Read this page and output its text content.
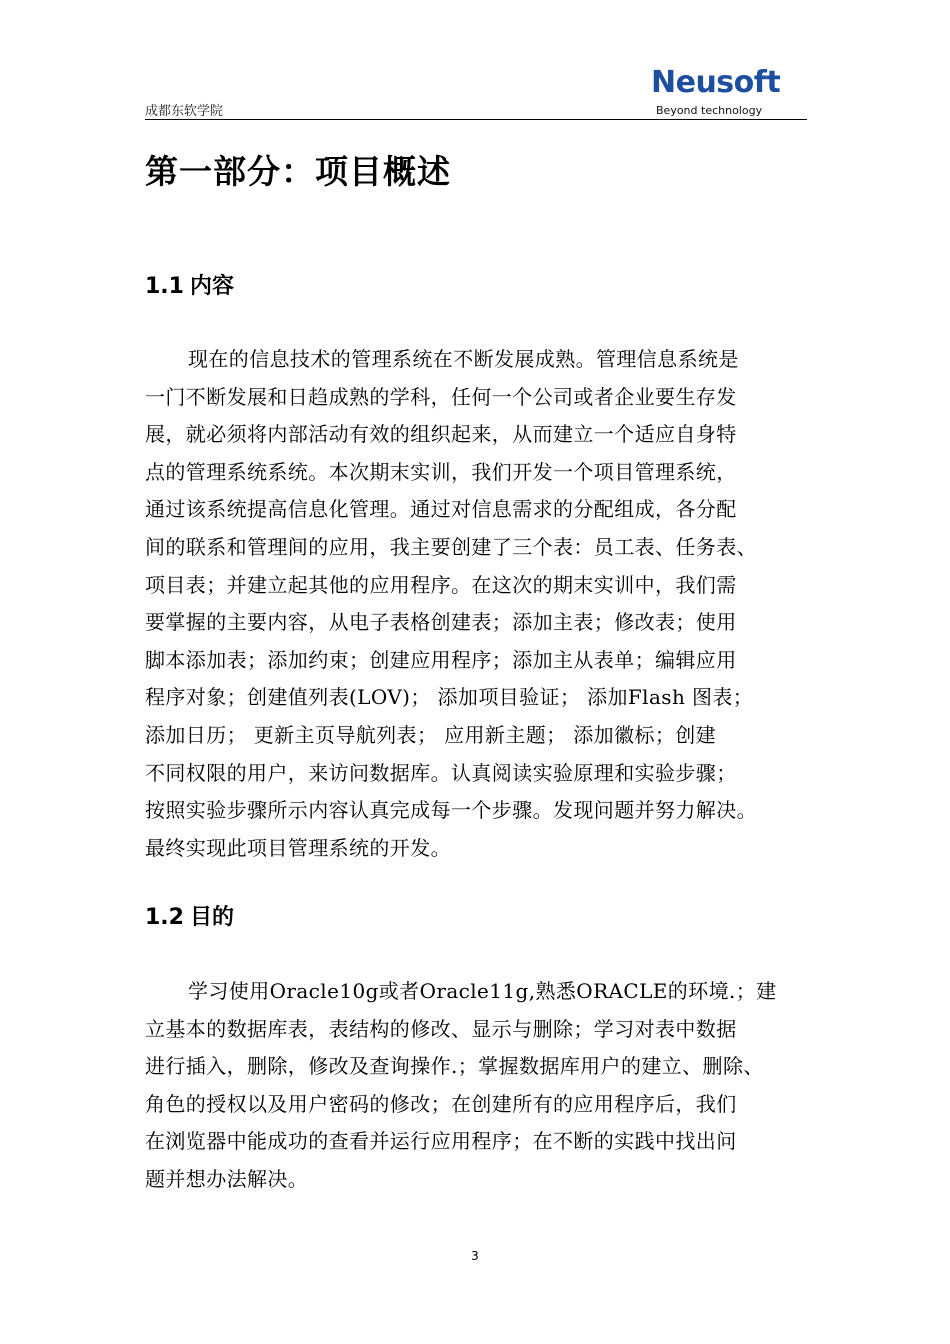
成都东软学院
Neusoft
Beyond technology
第一部分：项目概述
1.1 内容
现在的信息技术的管理系统在不断发展成熟。管理信息系统是
一门不断发展和日趋成熟的学科，任何一个公司或者企业要生存发
展，就必须将内部活动有效的组织起来，从而建立一个适应自身特
点的管理系统系统。本次期末实训，我们开发一个项目管理系统，
通过该系统提高信息化管理。通过对信息需求的分配组成，各分配
间的联系和管理间的应用，我主要创建了三个表：员工表、任务表、
项目表；并建立起其他的应用程序。在这次的期末实训中，我们需
要掌握的主要内容，从电子表格创建表；添加主表；修改表；使用
脚本添加表；添加约束；创建应用程序；添加主从表单；编辑应用
程序对象；创建值列表(LOV)； 添加项目验证； 添加Flash 图表；
添加日历； 更新主页导航列表； 应用新主题； 添加徽标；创建
不同权限的用户，来访问数据库。认真阅读实验原理和实验步骤；
按照实验步骤所示内容认真完成每一个步骤。发现问题并努力解决。
最终实现此项目管理系统的开发。
1.2 目的
学习使用Oracle10g或者Oracle11g,熟悉ORACLE的环境.；建
立基本的数据库表，表结构的修改、显示与删除；学习对表中数据
进行插入，删除，修改及查询操作.；掌握数据库用户的建立、删除、
角色的授权以及用户密码的修改；在创建所有的应用程序后，我们
在浏览器中能成功的查看并运行应用程序；在不断的实践中找出问
题并想办法解决。
3
